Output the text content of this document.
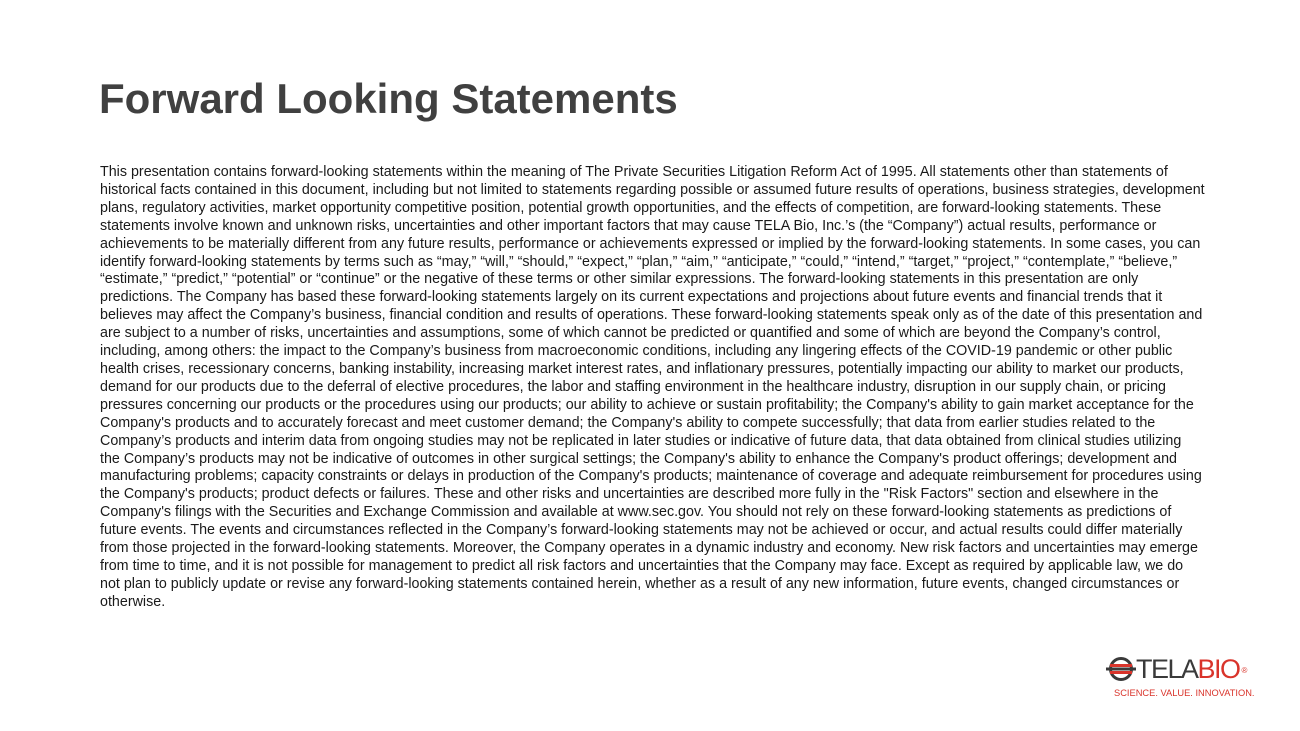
Forward Looking Statements

This presentation contains forward-looking statements within the meaning of The Private Securities Litigation Reform Act of 1995. All statements other than statements of historical facts contained in this document, including but not limited to statements regarding possible or assumed future results of operations, business strategies, development plans, regulatory activities, market opportunity competitive position, potential growth opportunities, and the effects of competition, are forward-looking statements. These statements involve known and unknown risks, uncertainties and other important factors that may cause TELA Bio, Inc.’s (the “Company”) actual results, performance or achievements to be materially different from any future results, performance or achievements expressed or implied by the forward-looking statements. In some cases, you can identify forward-looking statements by terms such as “may,” “will,” “should,” “expect,” “plan,” “aim,” “anticipate,” “could,” “intend,” “target,” “project,” “contemplate,” “believe,” “estimate,” “predict,” “potential” or “continue” or the negative of these terms or other similar expressions. The forward-looking statements in this presentation are only predictions. The Company has based these forward-looking statements largely on its current expectations and projections about future events and financial trends that it believes may affect the Company’s business, financial condition and results of operations. These forward-looking statements speak only as of the date of this presentation and are subject to a number of risks, uncertainties and assumptions, some of which cannot be predicted or quantified and some of which are beyond the Company’s control, including, among others: the impact to the Company’s business from macroeconomic conditions, including any lingering effects of the COVID-19 pandemic or other public health crises, recessionary concerns, banking instability, increasing market interest rates, and inflationary pressures, potentially impacting our ability to market our products, demand for our products due to the deferral of elective procedures, the labor and staffing environment in the healthcare industry, disruption in our supply chain, or pricing pressures concerning our products or the procedures using our products; our ability to achieve or sustain profitability; the Company's ability to gain market acceptance for the Company's products and to accurately forecast and meet customer demand; the Company's ability to compete successfully; that data from earlier studies related to the Company’s products and interim data from ongoing studies may not be replicated in later studies or indicative of future data, that data obtained from clinical studies utilizing the Company’s products may not be indicative of outcomes in other surgical settings; the Company's ability to enhance the Company's product offerings; development and manufacturing problems; capacity constraints or delays in production of the Company's products; maintenance of coverage and adequate reimbursement for procedures using the Company's products; product defects or failures. These and other risks and uncertainties are described more fully in the "Risk Factors" section and elsewhere in the Company's filings with the Securities and Exchange Commission and available at www.sec.gov. You should not rely on these forward-looking statements as predictions of future events. The events and circumstances reflected in the Company’s forward-looking statements may not be achieved or occur, and actual results could differ materially from those projected in the forward-looking statements. Moreover, the Company operates in a dynamic industry and economy. New risk factors and uncertainties may emerge from time to time, and it is not possible for management to predict all risk factors and uncertainties that the Company may face. Except as required by applicable law, we do not plan to publicly update or revise any forward-looking statements contained herein, whether as a result of any new information, future events, changed circumstances or otherwise.

TELABIO ®
SCIENCE. VALUE. INNOVATION.
